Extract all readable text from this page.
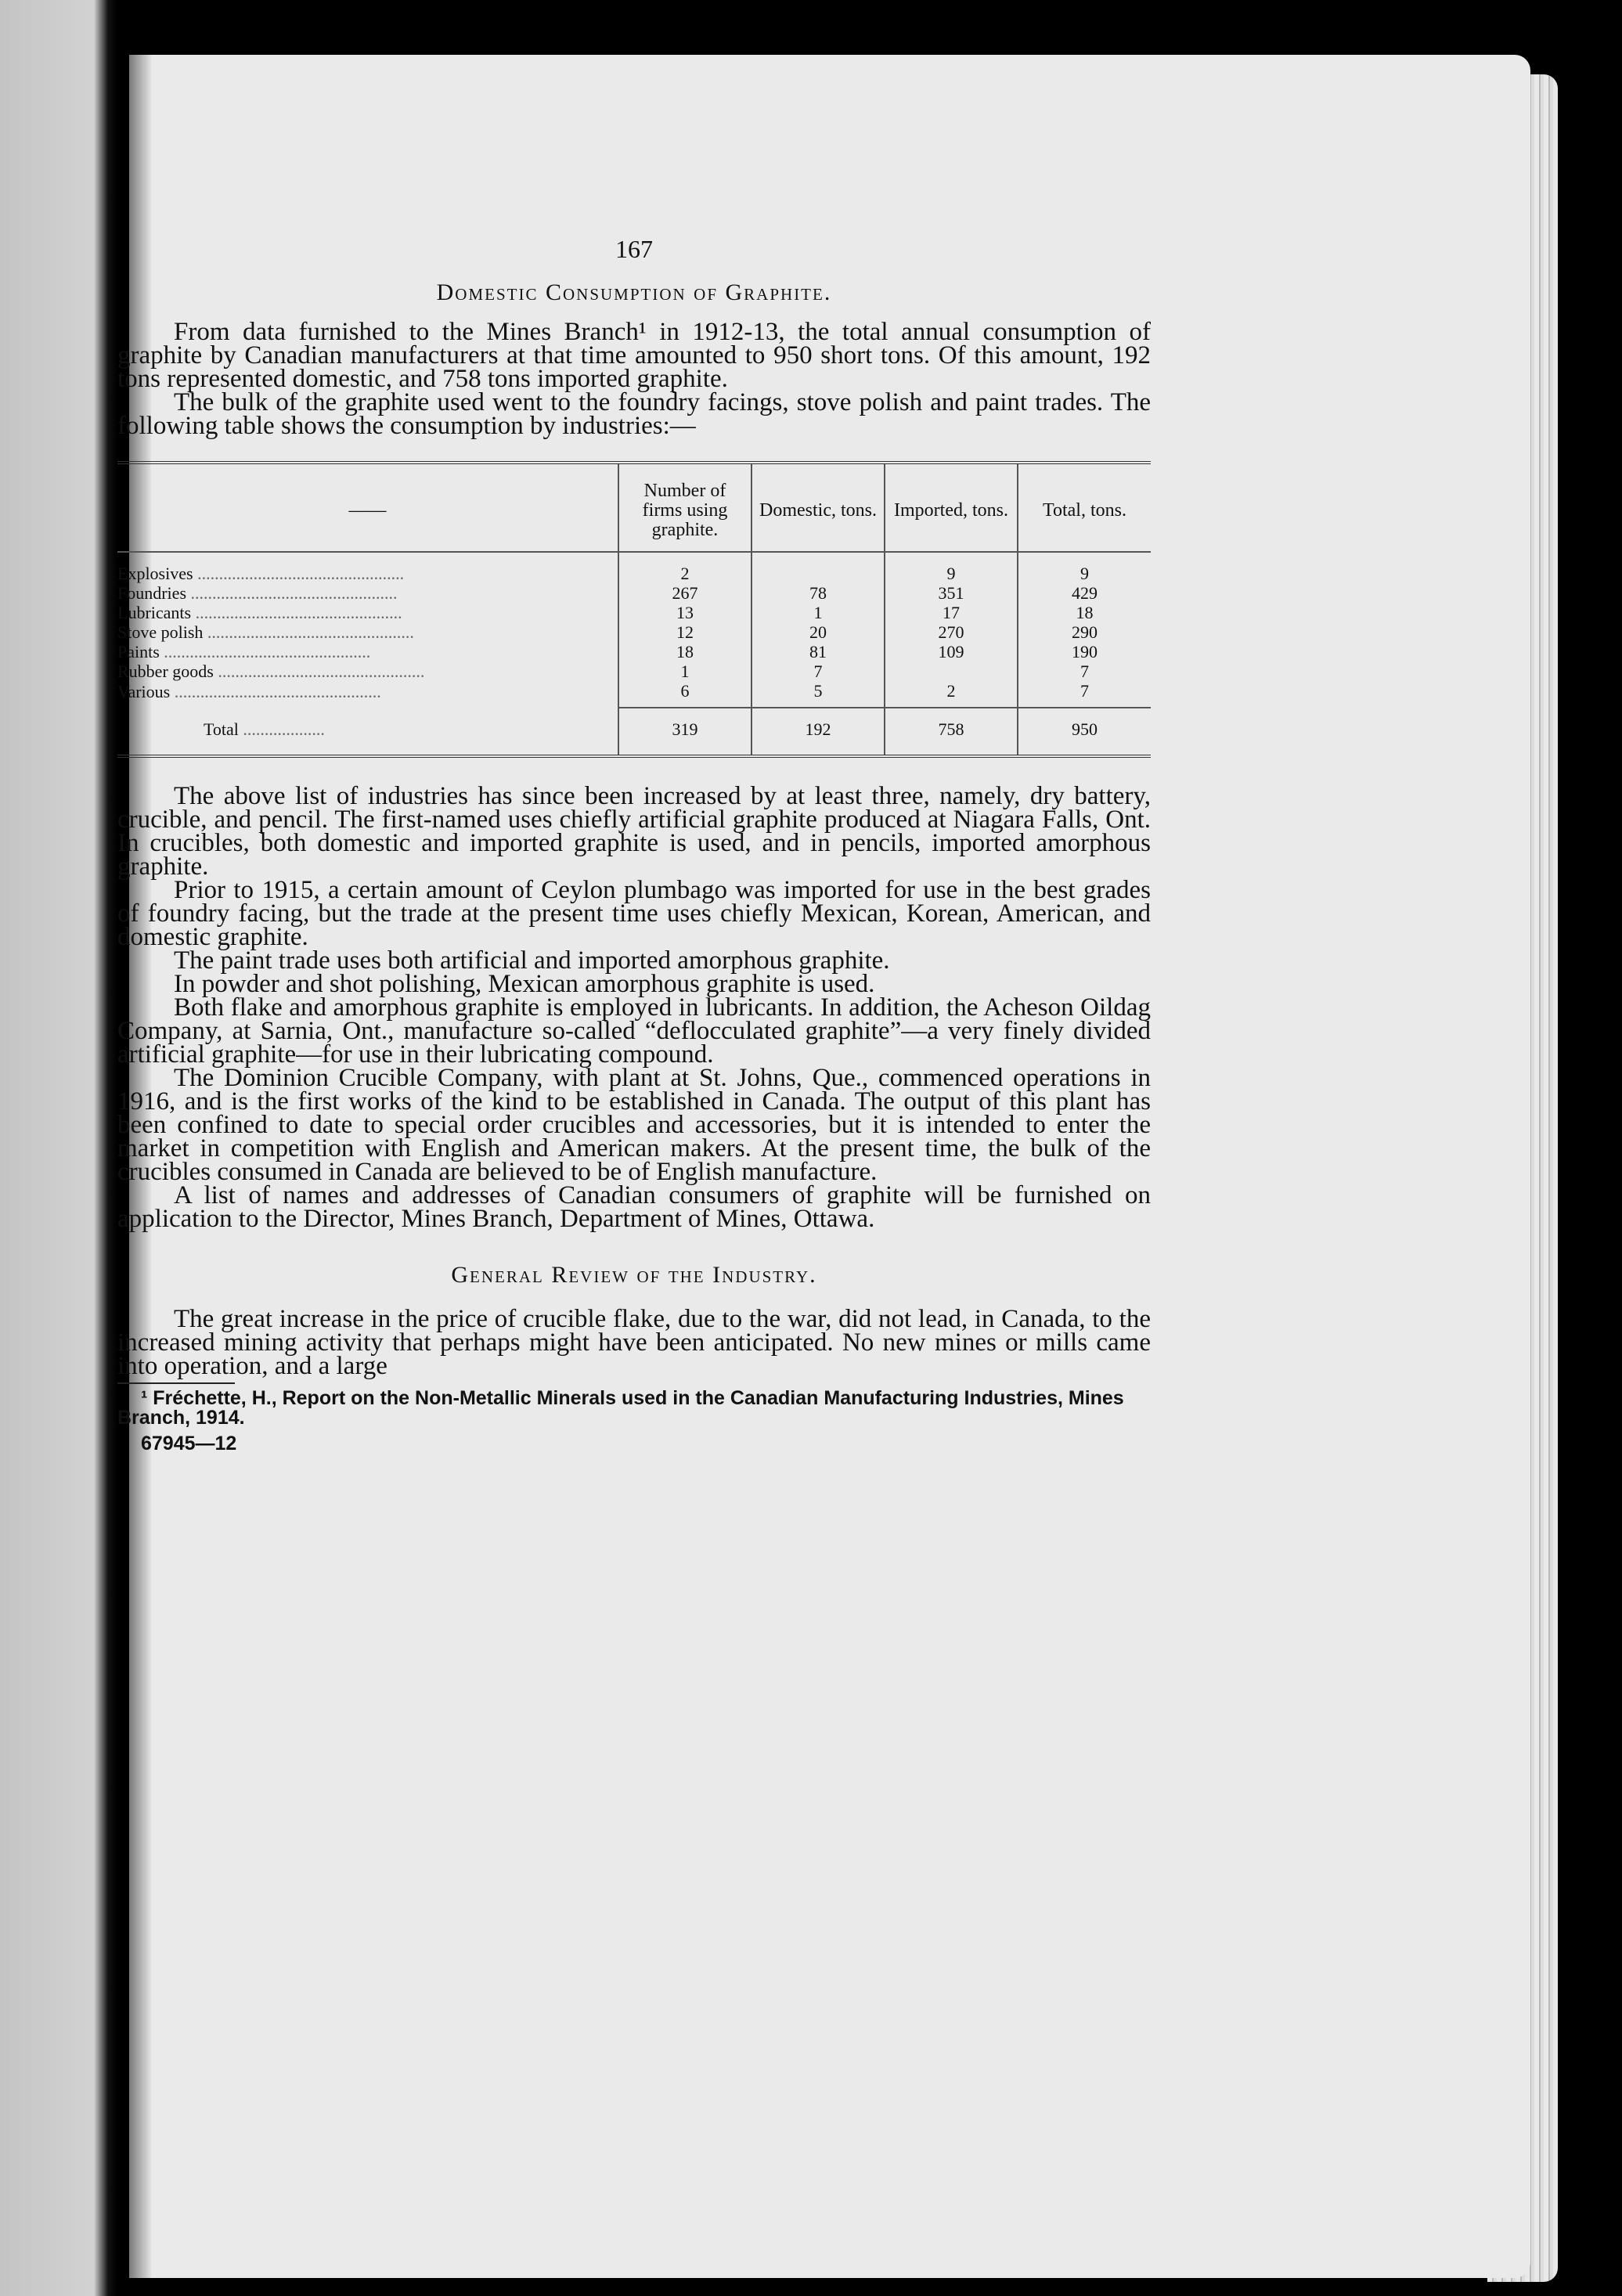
167
Domestic Consumption of Graphite.

From data furnished to the Mines Branch¹ in 1912-13, the total annual consumption of graphite by Canadian manufacturers at that time amounted to 950 short tons. Of this amount, 192 tons represented domestic, and 758 tons imported graphite.

The bulk of the graphite used went to the foundry facings, stove polish and paint trades. The following table shows the consumption by industries:—

——	Number of firms using graphite.	Domestic, tons.	Imported, tons.	Total, tons.
Explosives .....	2		9	9
Foundries .....	267	78	351	429
Lubricants .....	13	1	17	18
Stove polish .....	12	20	270	290
Paints .....	18	81	109	190
Rubber goods .....	1	7		7
Various .....	6	5	2	7
Total .....	319	192	758	950

The above list of industries has since been increased by at least three, namely, dry battery, crucible, and pencil. The first-named uses chiefly artificial graphite produced at Niagara Falls, Ont. In crucibles, both domestic and imported graphite is used, and in pencils, imported amorphous graphite.

Prior to 1915, a certain amount of Ceylon plumbago was imported for use in the best grades of foundry facing, but the trade at the present time uses chiefly Mexican, Korean, American, and domestic graphite.

The paint trade uses both artificial and imported amorphous graphite.

In powder and shot polishing, Mexican amorphous graphite is used.

Both flake and amorphous graphite is employed in lubricants. In addition, the Acheson Oildag Company, at Sarnia, Ont., manufacture so-called “deflocculated graphite”—a very finely divided artificial graphite—for use in their lubricating compound.

The Dominion Crucible Company, with plant at St. Johns, Que., commenced operations in 1916, and is the first works of the kind to be established in Canada. The output of this plant has been confined to date to special order crucibles and accessories, but it is intended to enter the market in competition with English and American makers. At the present time, the bulk of the crucibles consumed in Canada are believed to be of English manufacture.

A list of names and addresses of Canadian consumers of graphite will be furnished on application to the Director, Mines Branch, Department of Mines, Ottawa.

General Review of the Industry.

The great increase in the price of crucible flake, due to the war, did not lead, in Canada, to the increased mining activity that perhaps might have been anticipated. No new mines or mills came into operation, and a large

¹ Fréchette, H., Report on the Non-Metallic Minerals used in the Canadian Manufacturing Industries, Mines Branch, 1914.

67945—12
